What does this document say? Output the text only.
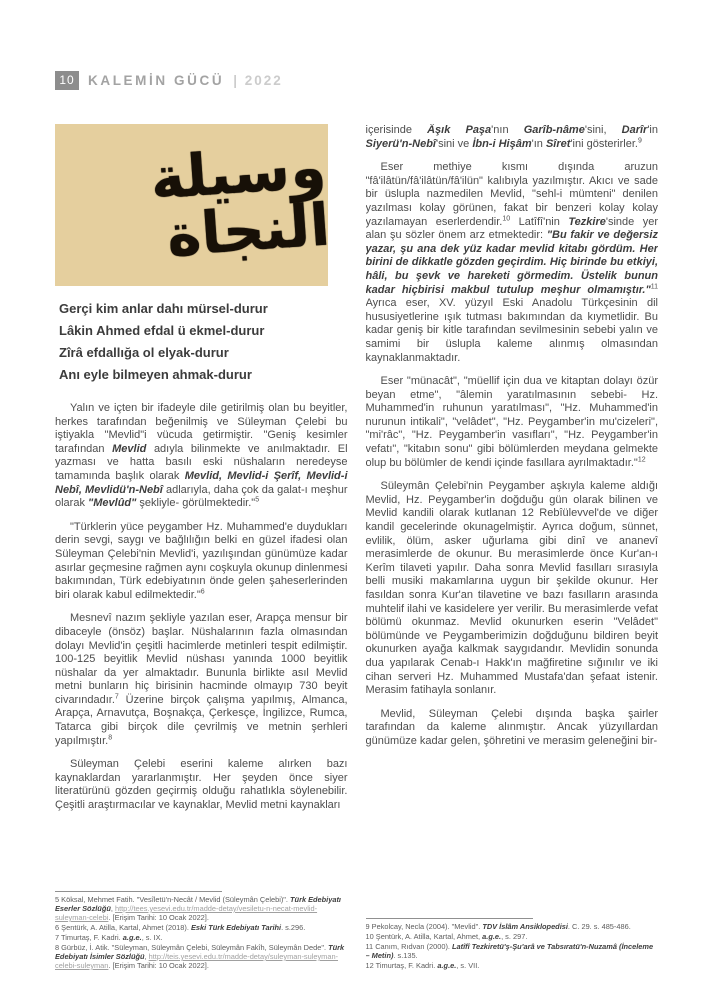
10 KALEMİN GÜCÜ | 2022
وسيلة النجاة

Gerçi kim anlar dahı mürsel-durur

Lâkin Ahmed efdal ü ekmel-durur

Zîrâ efdallığa ol elyak-durur

Anı eyle bilmeyen ahmak-durur

Yalın ve içten bir ifadeyle dile getirilmiş olan bu beyitler, herkes tarafından beğenilmiş ve Süleyman Çelebi bu iştiyakla "Mevlid"i vücuda getirmiştir. "Geniş kesimler tarafından Mevlid adıyla bilinmekte ve anılmaktadır. El yazması ve hatta basılı eski nüshaların neredeyse tamamında başlık olarak Mevlid, Mevlid-i Şerîf, Mevlid-i Nebî, Mevlidü'n-Nebî adlarıyla, daha çok da galat-ı meşhur olarak "Mevlûd" şekliyle- görülmektedir."$^5$

"Türklerin yüce peygamber Hz. Muhammed'e duydukları derin sevgi, saygı ve bağlılığın belki en güzel ifadesi olan Süleyman Çelebi'nin Mevlid'i, yazılışından günümüze kadar asırlar geçmesine rağmen aynı coşkuyla okunup dinlenmesi bakımından, Türk edebiyatının önde gelen şaheserlerinden biri olarak kabul edilmektedir."$^6$

Mesnevî nazım şekliyle yazılan eser, Arapça mensur bir dibaceyle (önsöz) başlar. Nüshalarının fazla olmasından dolayı Mevlid'in çeşitli hacimlerde metinleri tespit edilmiştir. 100-125 beyitlik Mevlid nüshası yanında 1000 beyitlik nüshalar da yer almaktadır. Bununla birlikte asıl Mevlid metni bunların hiç birisinin hacminde olmayıp 730 beyit civarındadır.$^7$ Üzerine birçok çalışma yapılmış, Almanca, Arapça, Arnavutça, Boşnakça, Çerkesçe, İngilizce, Rumca, Tatarca gibi birçok dile çevrilmiş ve metnin şerhleri yapılmıştır.$^8$

Süleyman Çelebi eserini kaleme alırken bazı kaynaklardan yararlanmıştır. Her şeyden önce siyer literatürünü gözden geçirmiş olduğu rahatlıkla söylenebilir. Çeşitli araştırmacılar ve kaynaklar, Mevlid metni kaynakları

5 Köksal, Mehmet Fatih. "Vesîletü'n-Necât / Mevlid (Süleymân Çelebi)". Türk Edebiyatı Eserler Sözlüğü, http://tees.yesevi.edu.tr/madde-detay/vesiletu-n-necat-mevlid-suleyman-celebi. [Erişim Tarihi: 10 Ocak 2022].

6 Şentürk, A. Atilla, Kartal, Ahmet (2018). Eski Türk Edebiyatı Tarihi. s.296.

7 Timurtaş, F. Kadri. a.g.e., s. IX.

8 Gürbüz, İ. Atik. "Süleyman, Süleymân Çelebi, Süleymân Fakîh, Süleymân Dede". Türk Edebiyatı İsimler Sözlüğü, http://teis.yesevi.edu.tr/madde-detay/suleyman-suleyman-celebi-suleyman. [Erişim Tarihi: 10 Ocak 2022].

içerisinde Âşık Paşa'nın Garîb-nâme'sini, Darîr'in Siyerü'n-Nebî'sini ve İbn-i Hişâm'ın Sîret'ini gösterirler.$^9$

Eser methiye kısmı dışında aruzun "fâ'ilâtün/fâ'ilâtün/fâ'ilün" kalıbıyla yazılmıştır. Akıcı ve sade bir üslupla nazmedilen Mevlid, "sehl-i mümteni" denilen yazılması kolay görünen, fakat bir benzeri kolay kolay yazılamayan eserlerdendir.$^{10}$ Latîfî'nin Tezkire'sinde yer alan şu sözler önem arz etmektedir: "Bu fakir ve değersiz yazar, şu ana dek yüz kadar mevlid kitabı gördüm. Her birini de dikkatle gözden geçirdim. Hiç birinde bu etkiyi, hâli, bu şevk ve hareketi görmedim. Üstelik bunun kadar hiçbirisi makbul tutulup meşhur olmamıştır."$^{11}$ Ayrıca eser, XV. yüzyıl Eski Anadolu Türkçesinin dil hususiyetlerine ışık tutması bakımından da kıymetlidir. Bu kadar geniş bir kitle tarafından sevilmesinin sebebi yalın ve samimi bir üslupla kaleme alınmış olmasından kaynaklanmaktadır.

Eser "münacât", "müellif için dua ve kitaptan dolayı özür beyan etme", "âlemin yaratılmasının sebebi- Hz. Muhammed'in ruhunun yaratılması", "Hz. Muhammed'in nurunun intikali", "velâdet", "Hz. Peygamber'in mu'cizeleri", "mi'râc", "Hz. Peygamber'in vasıfları", "Hz. Peygamber'in vefatı", "kitabın sonu" gibi bölümlerden meydana gelmekte olup bu bölümler de kendi içinde fasıllara ayrılmaktadır."$^{12}$

Süleymân Çelebi'nin Peygamber aşkıyla kaleme aldığı Mevlid, Hz. Peygamber'in doğduğu gün olarak bilinen ve Mevlid kandili olarak kutlanan 12 Rebîülevvel'de ve diğer kandil gecelerinde okunagelmiştir. Ayrıca doğum, sünnet, evlilik, ölüm, asker uğurlama gibi dinî ve ananevî merasimlerde de okunur. Bu merasimlerde önce Kur'an-ı Kerîm tilaveti yapılır. Daha sonra Mevlid fasılları sırasıyla belli musiki makamlarına uygun bir şekilde okunur. Her fasıldan sonra Kur'an tilavetine ve bazı fasılların arasında muhtelif ilahi ve kasidelere yer verilir. Bu merasimlerde vefat bölümü okunmaz. Mevlid okunurken eserin "Velâdet" bölümünde ve Peygamberimizin doğduğunu bildiren beyit okunurken ayağa kalkmak saygıdandır. Mevlidin sonunda dua yapılarak Cenab-ı Hakk'ın mağfiretine sığınılır ve iki cihan serveri Hz. Muhammed Mustafa'dan şefaat istenir. Merasim fatihayla sonlanır.

Mevlid, Süleyman Çelebi dışında başka şairler tarafından da kaleme alınmıştır. Ancak yüzyıllardan günümüze kadar gelen, şöhretini ve merasim geleneğini bir-

9 Pekolcay, Necla (2004). "Mevlid". TDV İslâm Ansiklopedisi. C. 29. s. 485-486.

10 Şentürk, A. Atilla, Kartal, Ahmet, a.g.e., s. 297.

11 Canım, Rıdvan (2000). Latîfî Tezkiretü'ş-Şu'arâ ve Tabsıratü'n-Nuzamâ (İnceleme – Metin). s.135.

12 Timurtaş, F. Kadri. a.g.e., s. VII.
